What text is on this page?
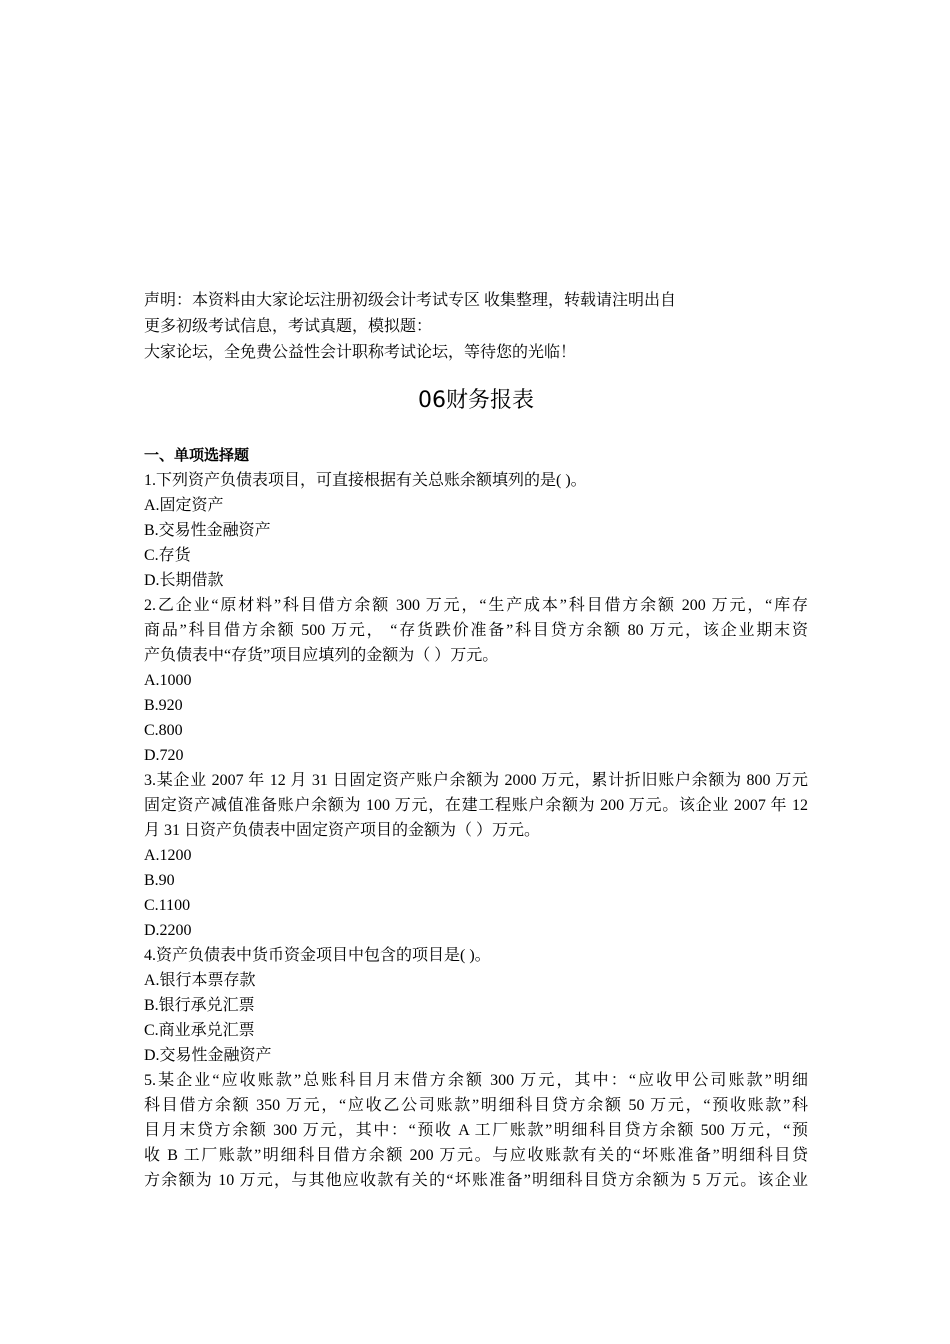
声明：本资料由大家论坛注册初级会计考试专区 收集整理，转载请注明出自
更多初级考试信息，考试真题，模拟题：
大家论坛，全免费公益性会计职称考试论坛，等待您的光临！
06财务报表
一、单项选择题
1.下列资产负债表项目，可直接根据有关总账余额填列的是( )。
A.固定资产
B.交易性金融资产
C.存货
D.长期借款
2.乙企业“原材料”科目借方余额 300 万元，“生产成本”科目借方余额 200 万元，“库存
商品”科目借方余额 500 万元， “存货跌价准备”科目贷方余额 80 万元，该企业期末资
产负债表中“存货”项目应填列的金额为（ ）万元。
A.1000
B.920
C.800
D.720
3.某企业 2007 年 12 月 31 日固定资产账户余额为 2000 万元，累计折旧账户余额为 800 万元
固定资产减值准备账户余额为 100 万元，在建工程账户余额为 200 万元。该企业 2007 年 12
月 31 日资产负债表中固定资产项目的金额为（ ）万元。
A.1200
B.90
C.1100
D.2200
4.资产负债表中货币资金项目中包含的项目是( )。
A.银行本票存款
B.银行承兑汇票
C.商业承兑汇票
D.交易性金融资产
5.某企业“应收账款”总账科目月末借方余额 300 万元，其中：“应收甲公司账款”明细
科目借方余额 350 万元，“应收乙公司账款”明细科目贷方余额 50 万元，“预收账款”科
目月末贷方余额 300 万元，其中：“预收 A 工厂账款”明细科目贷方余额 500 万元，“预
收 B 工厂账款”明细科目借方余额 200 万元。与应收账款有关的“坏账准备”明细科目贷
方余额为 10 万元，与其他应收款有关的“坏账准备”明细科目贷方余额为 5 万元。该企业
